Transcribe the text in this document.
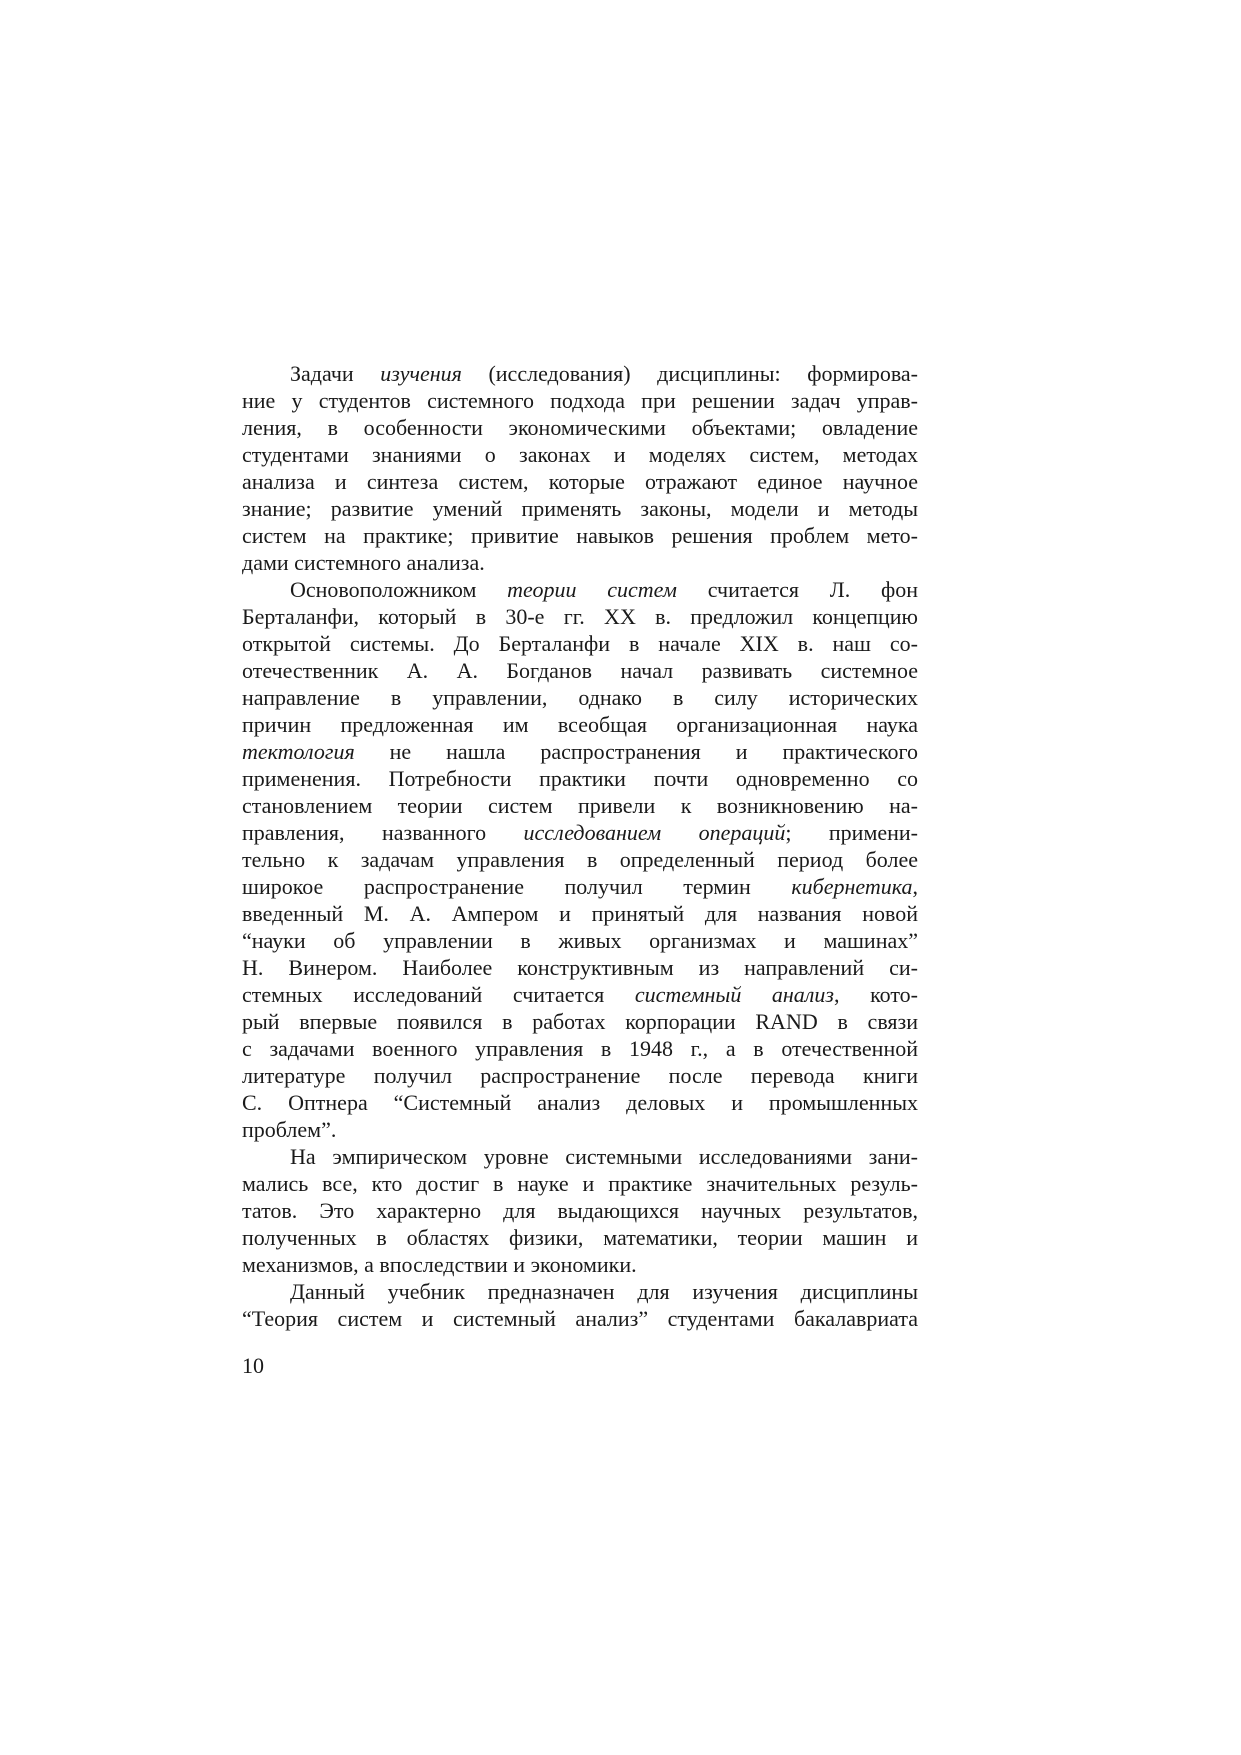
Задачи изучения (исследования) дисциплины: формирова-
ние у студентов системного подхода при решении задач управ-
ления, в особенности экономическими объектами; овладение
студентами знаниями о законах и моделях систем, методах
анализа и синтеза систем, которые отражают единое научное
знание; развитие умений применять законы, модели и методы
систем на практике; привитие навыков решения проблем мето-
дами системного анализа.
Основоположником теории систем считается Л. фон
Берталанфи, который в 30-е гг. XX в. предложил концепцию
открытой системы. До Берталанфи в начале XIX в. наш со-
отечественник А. А. Богданов начал развивать системное
направление в управлении, однако в силу исторических
причин предложенная им всеобщая организационная наука
тектология не нашла распространения и практического
применения. Потребности практики почти одновременно со
становлением теории систем привели к возникновению на-
правления, названного исследованием операций; примени-
тельно к задачам управления в определенный период более
широкое распространение получил термин кибернетика,
введенный М. А. Ампером и принятый для названия новой
“науки об управлении в живых организмах и машинах”
Н. Винером. Наиболее конструктивным из направлений си-
стемных исследований считается системный анализ, кото-
рый впервые появился в работах корпорации RAND в связи
с задачами военного управления в 1948 г., а в отечественной
литературе получил распространение после перевода книги
С. Оптнера “Системный анализ деловых и промышленных
проблем”.
На эмпирическом уровне системными исследованиями зани-
мались все, кто достиг в науке и практике значительных резуль-
татов. Это характерно для выдающихся научных результатов,
полученных в областях физики, математики, теории машин и
механизмов, а впоследствии и экономики.
Данный учебник предназначен для изучения дисциплины
“Теория систем и системный анализ” студентами бакалавриата
10
